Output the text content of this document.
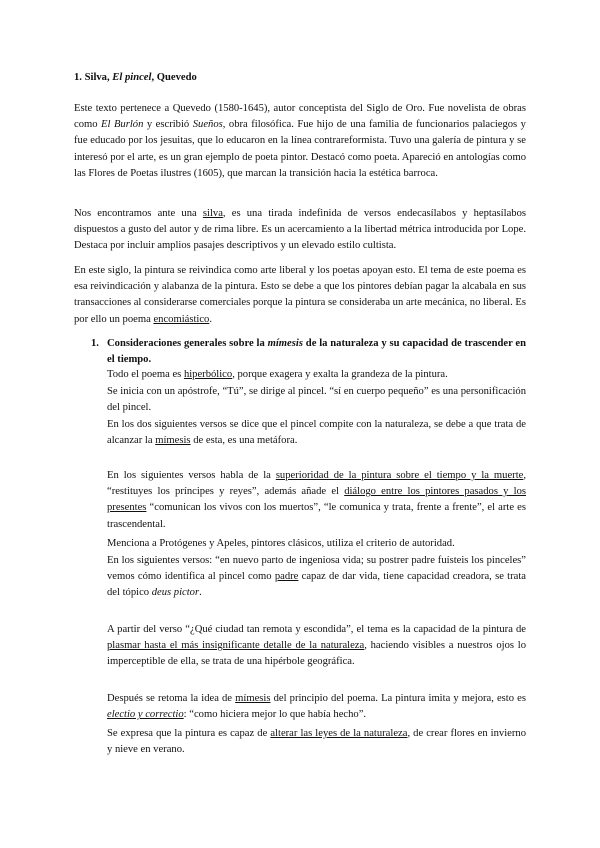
1. Silva, El pincel, Quevedo

Este texto pertenece a Quevedo (1580-1645), autor conceptista del Siglo de Oro. Fue novelista de obras como El Burlón y escribió Sueños, obra filosófica. Fue hijo de una familia de funcionarios palaciegos y fue educado por los jesuitas, que lo educaron en la línea contrareformista. Tuvo una galería de pintura y se interesó por el arte, es un gran ejemplo de poeta pintor. Destacó como poeta. Apareció en antologías como las Flores de Poetas ilustres (1605), que marcan la transición hacia la estética barroca.

Nos encontramos ante una silva, es una tirada indefinida de versos endecasílabos y heptasílabos dispuestos a gusto del autor y de rima libre. Es un acercamiento a la libertad métrica introducida por Lope. Destaca por incluir amplios pasajes descriptivos y un elevado estilo cultista.

En este siglo, la pintura se reivindica como arte liberal y los poetas apoyan esto. El tema de este poema es esa reivindicación y alabanza de la pintura. Esto se debe a que los pintores debían pagar la alcabala en sus transacciones al considerarse comerciales porque la pintura se consideraba un arte mecánica, no liberal. Es por ello un poema encomiástico.

1. Consideraciones generales sobre la mímesis de la naturaleza y su capacidad de trascender en el tiempo.

Todo el poema es hiperbólico, porque exagera y exalta la grandeza de la pintura.

Se inicia con un apóstrofe, “Tú”, se dirige al pincel. “sí en cuerpo pequeño” es una personificación del pincel.

En los dos siguientes versos se dice que el pincel compite con la naturaleza, se debe a que trata de alcanzar la mímesis de esta, es una metáfora.

En los siguientes versos habla de la superioridad de la pintura sobre el tiempo y la muerte, “restituyes los príncipes y reyes”, además añade el diálogo entre los pintores pasados y los presentes “comunican los vivos con los muertos”, “le comunica y trata, frente a frente”, el arte es trascendental.

Menciona a Protógenes y Apeles, pintores clásicos, utiliza el criterio de autoridad.

En los siguientes versos: “en nuevo parto de ingeniosa vida; su postrer padre fuísteis los pinceles” vemos cómo identifica al pincel como padre capaz de dar vida, tiene capacidad creadora, se trata del tópico deus pictor.

A partir del verso “¿Qué ciudad tan remota y escondida”, el tema es la capacidad de la pintura de plasmar hasta el más insignificante detalle de la naturaleza, haciendo visibles a nuestros ojos lo imperceptible de ella, se trata de una hipérbole geográfica.

Después se retoma la idea de mímesis del principio del poema. La pintura imita y mejora, esto es electio y correctio: “como hiciera mejor lo que había hecho”.

Se expresa que la pintura es capaz de alterar las leyes de la naturaleza, de crear flores en invierno y nieve en verano.
